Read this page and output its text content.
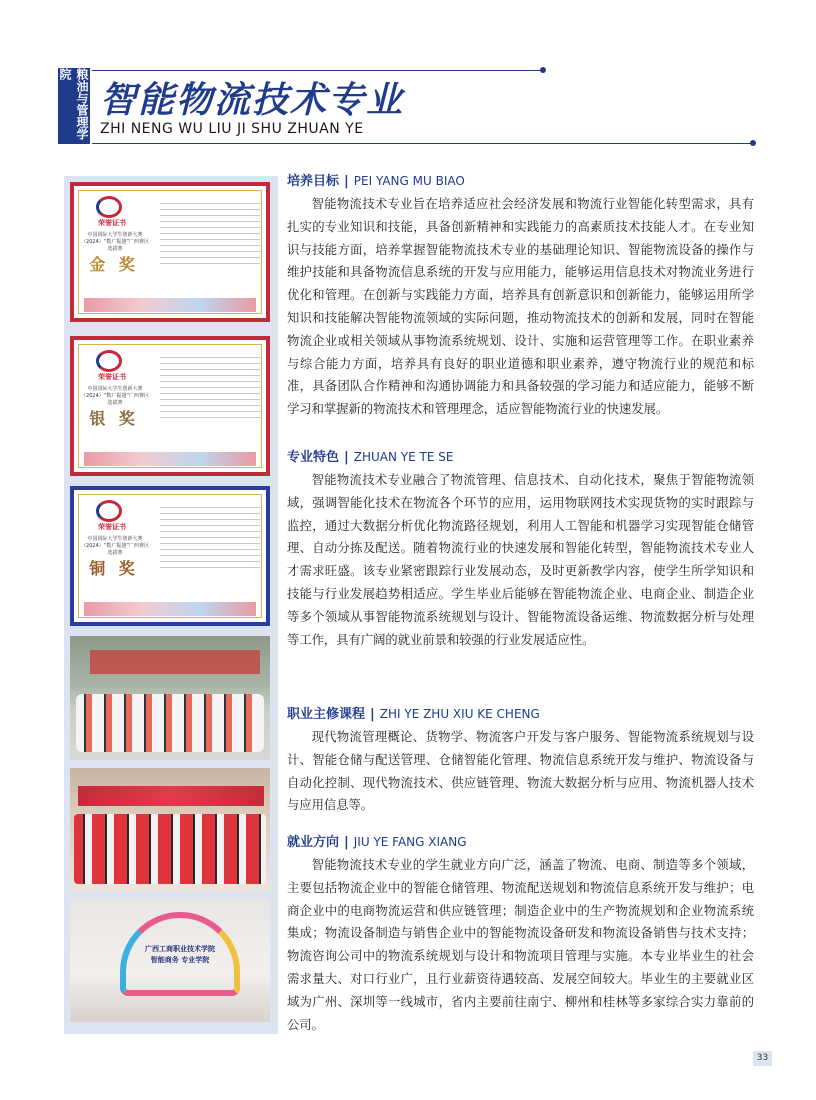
粮油与管理学院
智能物流技术专业
ZHI NENG WU LIU JI SHU ZHUAN YE
荣誉证书
中国国际大学生创新大赛（2024）“数广振翅”广西赛区选拔赛
金 奖
荣誉证书
中国国际大学生创新大赛（2024）“数广振翅”广西赛区选拔赛
银 奖
荣誉证书
中国国际大学生创新大赛（2024）“数广振翅”广西赛区选拔赛
铜 奖
广西工商职业技术学院
智能商务 专业学院
培养目标 | PEI YANG MU BIAO

智能物流技术专业旨在培养适应社会经济发展和物流行业智能化转型需求，具有扎实的专业知识和技能，具备创新精神和实践能力的高素质技术技能人才。在专业知识与技能方面，培养掌握智能物流技术专业的基础理论知识、智能物流设备的操作与维护技能和具备物流信息系统的开发与应用能力，能够运用信息技术对物流业务进行优化和管理。在创新与实践能力方面，培养具有创新意识和创新能力，能够运用所学知识和技能解决智能物流领域的实际问题，推动物流技术的创新和发展，同时在智能物流企业或相关领域从事物流系统规划、设计、实施和运营管理等工作。在职业素养与综合能力方面，培养具有良好的职业道德和职业素养，遵守物流行业的规范和标准，具备团队合作精神和沟通协调能力和具备较强的学习能力和适应能力，能够不断学习和掌握新的物流技术和管理理念，适应智能物流行业的快速发展。

专业特色 | ZHUAN YE TE SE

智能物流技术专业融合了物流管理、信息技术、自动化技术，聚焦于智能物流领域，强调智能化技术在物流各个环节的应用，运用物联网技术实现货物的实时跟踪与监控，通过大数据分析优化物流路径规划，利用人工智能和机器学习实现智能仓储管理、自动分拣及配送。随着物流行业的快速发展和智能化转型，智能物流技术专业人才需求旺盛。该专业紧密跟踪行业发展动态，及时更新教学内容，使学生所学知识和技能与行业发展趋势相适应。学生毕业后能够在智能物流企业、电商企业、制造企业等多个领域从事智能物流系统规划与设计、智能物流设备运维、物流数据分析与处理等工作，具有广阔的就业前景和较强的行业发展适应性。

职业主修课程 | ZHI YE ZHU XIU KE CHENG

现代物流管理概论、货物学、物流客户开发与客户服务、智能物流系统规划与设计、智能仓储与配送管理、仓储智能化管理、物流信息系统开发与维护、物流设备与自动化控制、现代物流技术、供应链管理、物流大数据分析与应用、物流机器人技术与应用信息等。

就业方向 | JIU YE FANG XIANG

智能物流技术专业的学生就业方向广泛，涵盖了物流、电商、制造等多个领域，主要包括物流企业中的智能仓储管理、物流配送规划和物流信息系统开发与维护；电商企业中的电商物流运营和供应链管理；制造企业中的生产物流规划和企业物流系统集成；物流设备制造与销售企业中的智能物流设备研发和物流设备销售与技术支持；物流咨询公司中的物流系统规划与设计和物流项目管理与实施。本专业毕业生的社会需求量大、对口行业广，且行业薪资待遇较高、发展空间较大。毕业生的主要就业区域为广州、深圳等一线城市，省内主要前往南宁、柳州和桂林等多家综合实力靠前的公司。

33
